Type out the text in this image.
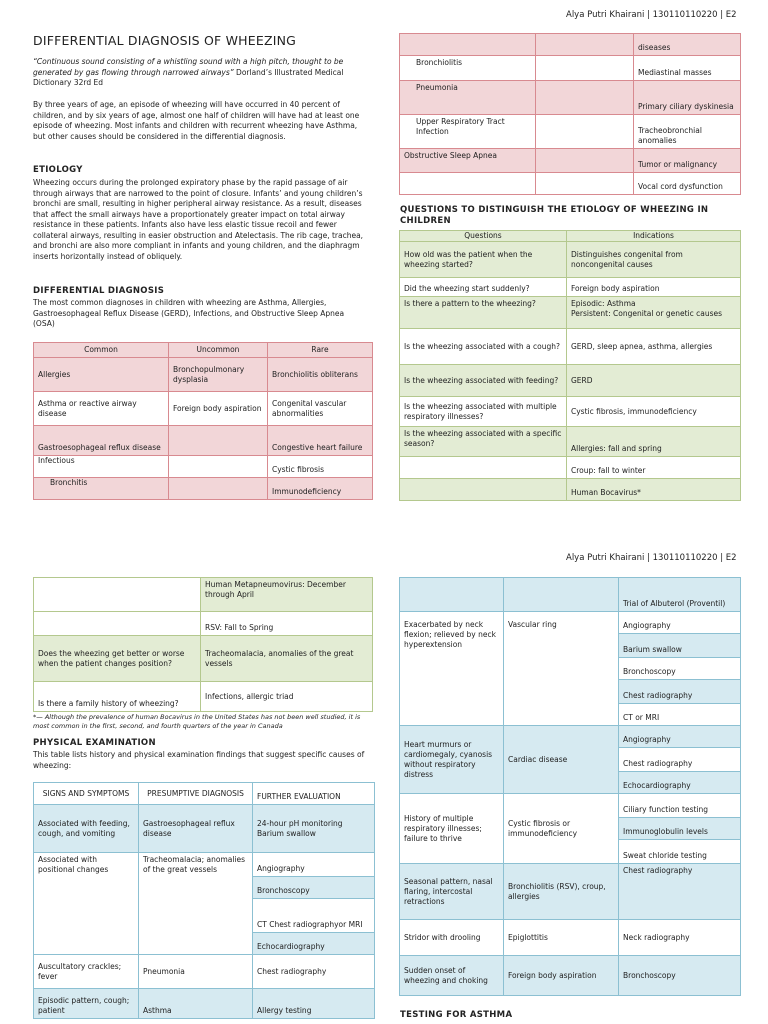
Alya Putri Khairani | 130110110220 | E2
DIFFERENTIAL DIAGNOSIS OF WHEEZING
“Continuous sound consisting of a whistling sound with a high pitch, thought to be generated by gas flowing through narrowed airways” Dorland’s Illustrated Medical Dictionary 32rd Ed
By three years of age, an episode of wheezing will have occurred in 40 percent of children, and by six years of age, almost one half of children will have had at least one episode of wheezing. Most infants and children with recurrent wheezing have Asthma, but other causes should be considered in the differential diagnosis.
ETIOLOGY
Wheezing occurs during the prolonged expiratory phase by the rapid passage of air through airways that are narrowed to the point of closure. Infants’ and young children’s bronchi are small, resulting in higher peripheral airway resistance. As a result, diseases that affect the small airways have a proportionately greater impact on total airway resistance in these patients. Infants also have less elastic tissue recoil and fewer collateral airways, resulting in easier obstruction and Atelectasis. The rib cage, trachea, and bronchi are also more compliant in infants and young children, and the diaphragm inserts horizontally instead of obliquely.
DIFFERENTIAL DIAGNOSIS
The most common diagnoses in children with wheezing are Asthma, Allergies, Gastroesophageal Reflux Disease (GERD), Infections, and Obstructive Sleep Apnea (OSA)
Common	Uncommon	Rare
Allergies	Bronchopulmonary dysplasia	Bronchiolitis obliterans
Asthma or reactive airway disease	Foreign body aspiration	Congenital vascular abnormalities
Gastroesophageal reflux disease		Congestive heart failure
Infectious		Cystic fibrosis
Bronchitis		Immunodeficiency
		diseases
Bronchiolitis		Mediastinal masses
Pneumonia		Primary ciliary dyskinesia
Upper Respiratory Tract Infection		Tracheobronchial anomalies
Obstructive Sleep Apnea		Tumor or malignancy
		Vocal cord dysfunction
QUESTIONS TO DISTINGUISH THE ETIOLOGY OF WHEEZING IN CHILDREN
Questions	Indications
How old was the patient when the wheezing started?	Distinguishes congenital from noncongenital causes
Did the wheezing start suddenly?	Foreign body aspiration
Is there a pattern to the wheezing?	Episodic: Asthma
Persistent: Congenital or genetic causes
Is the wheezing associated with a cough?	GERD, sleep apnea, asthma, allergies
Is the wheezing associated with feeding?	GERD
Is the wheezing associated with multiple respiratory illnesses?	Cystic fibrosis, immunodeficiency
Is the wheezing associated with a specific season?	Allergies: fall and spring
	Croup: fall to winter
	Human Bocavirus*
Alya Putri Khairani | 130110110220 | E2
	Human Metapneumovirus: December through April
	RSV: Fall to Spring
Does the wheezing get better or worse when the patient changes position?	Tracheomalacia, anomalies of the great vessels
Is there a family history of wheezing?	Infections, allergic triad
*— Although the prevalence of human Bocavirus in the United States has not been well studied, it is most common in the first, second, and fourth quarters of the year in Canada
PHYSICAL EXAMINATION
This table lists history and physical examination findings that suggest specific causes of wheezing:
SIGNS AND SYMPTOMS	PRESUMPTIVE DIAGNOSIS	FURTHER EVALUATION
Associated with feeding, cough, and vomiting	Gastroesophageal reflux disease	24-hour pH monitoring Barium swallow
Associated with positional changes	Tracheomalacia; anomalies of the great vessels	Angiography
		Bronchoscopy
		CT Chest radiographyor MRI
		Echocardiography
Auscultatory crackles; fever	Pneumonia	Chest radiography
Episodic pattern, cough; patient	Asthma	Allergy testing
		Trial of Albuterol (Proventil)
Exacerbated by neck flexion; relieved by neck hyperextension	Vascular ring	Angiography
		Barium swallow
		Bronchoscopy
		Chest radiography
		CT or MRI
Heart murmurs or cardiomegaly, cyanosis without respiratory distress	Cardiac disease	Angiography
		Chest radiography
		Echocardiography
History of multiple respiratory illnesses; failure to thrive	Cystic fibrosis or immunodeficiency	Ciliary function testing
		Immunoglobulin levels
		Sweat chloride testing
Seasonal pattern, nasal flaring, intercostal retractions	Bronchiolitis (RSV), croup, allergies	Chest radiography
Stridor with drooling	Epiglottitis	Neck radiography
Sudden onset of wheezing and choking	Foreign body aspiration	Bronchoscopy
TESTING FOR ASTHMA
